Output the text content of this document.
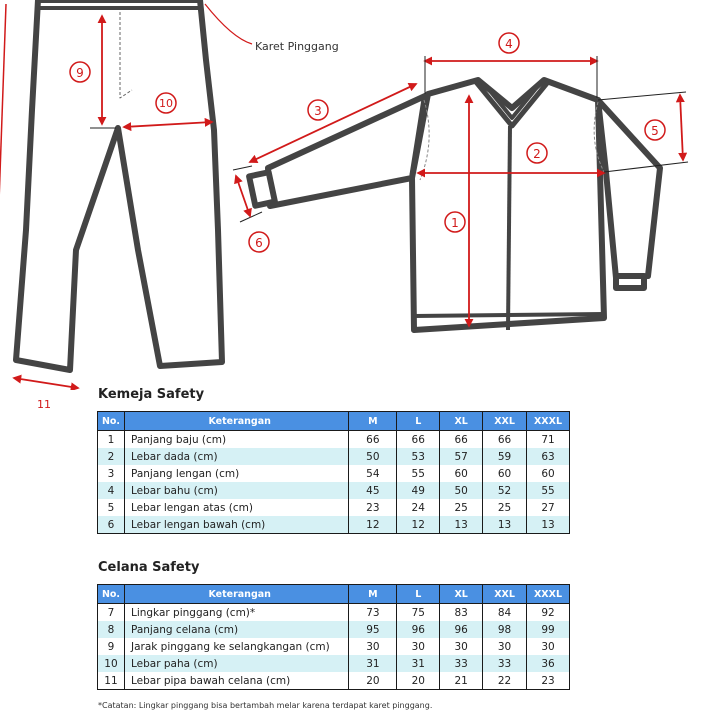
Karet Pinggang
9
10
1
2
3
4
5
6
11
Kemeja Safety
No.	Keterangan	M	L	XL	XXL	XXXL
1	Panjang baju (cm)	66	66	66	66	71
2	Lebar dada (cm)	50	53	57	59	63
3	Panjang lengan (cm)	54	55	60	60	60
4	Lebar bahu (cm)	45	49	50	52	55
5	Lebar lengan atas (cm)	23	24	25	25	27
6	Lebar lengan bawah (cm)	12	12	13	13	13
Celana Safety
No.	Keterangan	M	L	XL	XXL	XXXL
7	Lingkar pinggang (cm)*	73	75	83	84	92
8	Panjang celana (cm)	95	96	96	98	99
9	Jarak pinggang ke selangkangan (cm)	30	30	30	30	30
10	Lebar paha (cm)	31	31	33	33	36
11	Lebar pipa bawah celana (cm)	20	20	21	22	23
*Catatan: Lingkar pinggang bisa bertambah melar karena terdapat karet pinggang.
